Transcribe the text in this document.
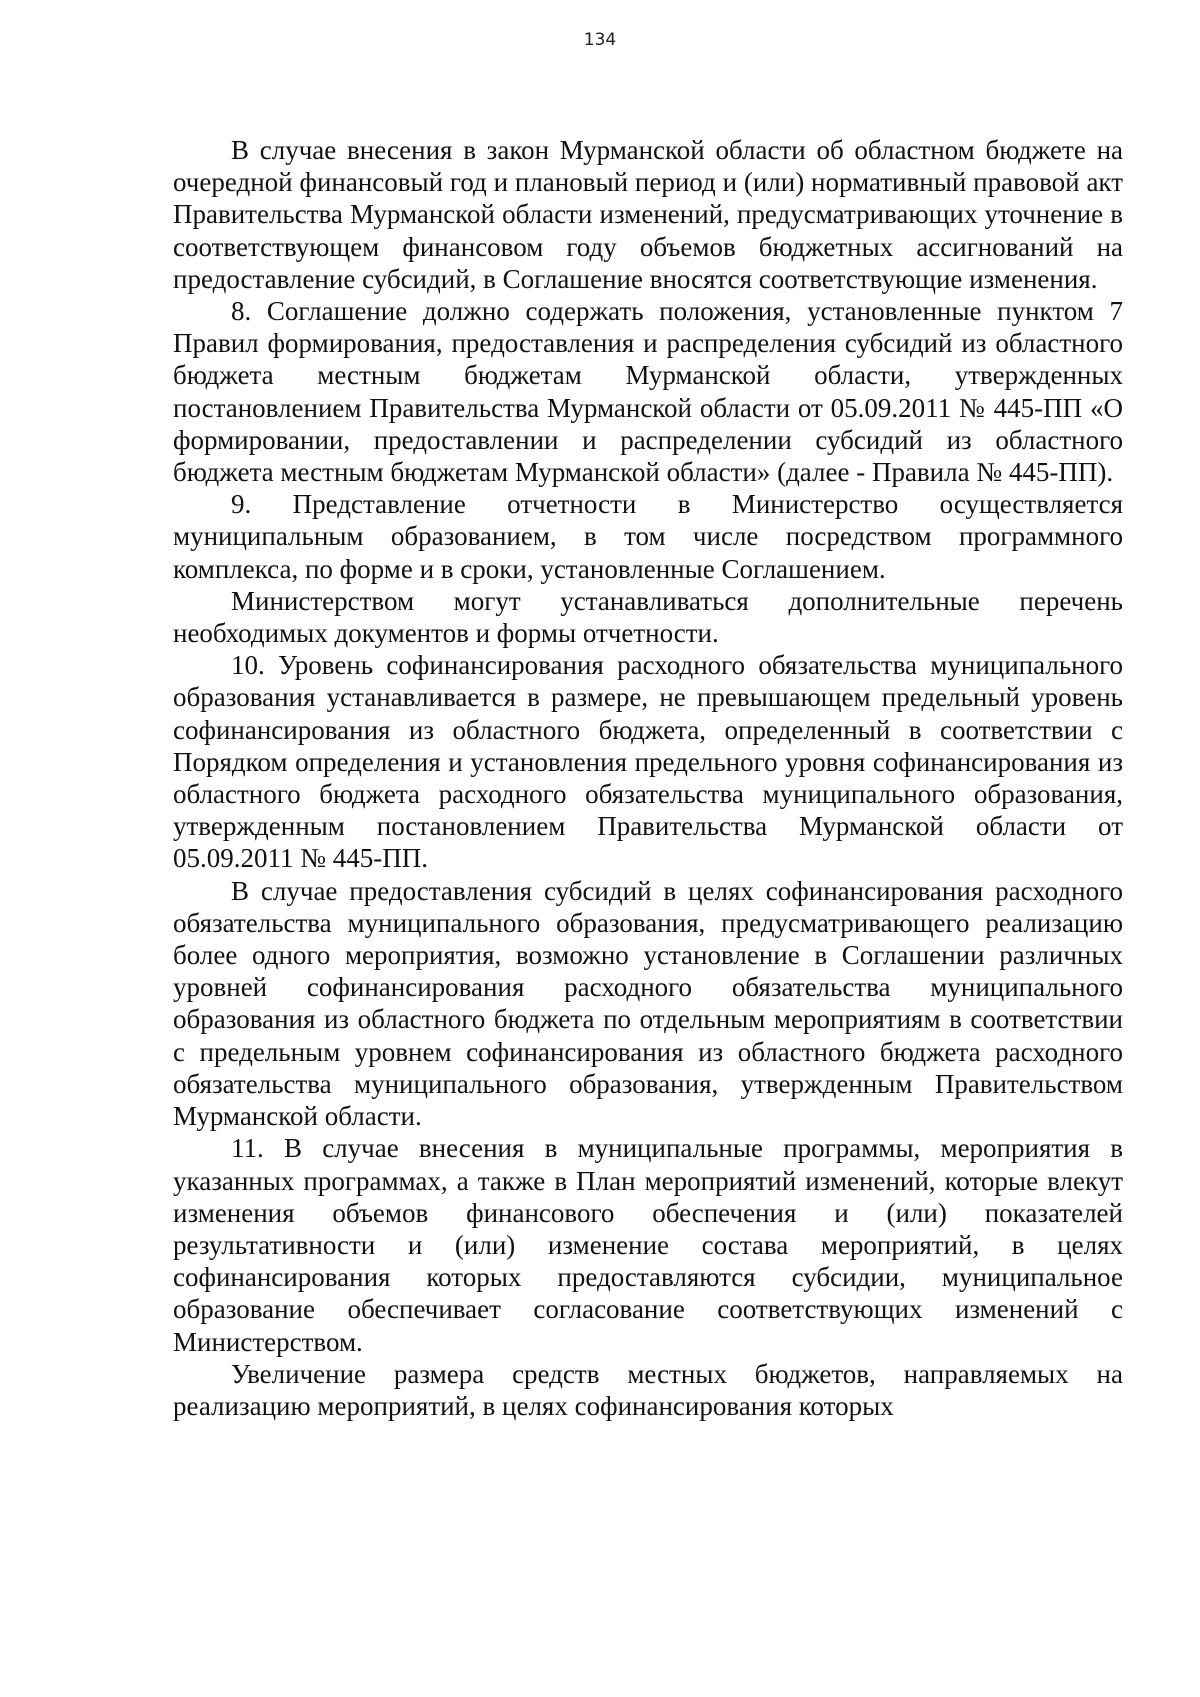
134

В случае внесения в закон Мурманской области об областном бюджете на очередной финансовый год и плановый период и (или) нормативный правовой акт Правительства Мурманской области изменений, предусматривающих уточнение в соответствующем финансовом году объемов бюджетных ассигнований на предоставление субсидий, в Соглашение вносятся соответствующие изменения.

8. Соглашение должно содержать положения, установленные пунктом 7 Правил формирования, предоставления и распределения субсидий из областного бюджета местным бюджетам Мурманской области, утвержденных постановлением Правительства Мурманской области от 05.09.2011 № 445-ПП «О формировании, предоставлении и распределении субсидий из областного бюджета местным бюджетам Мурманской области» (далее - Правила № 445-ПП).

9. Представление отчетности в Министерство осуществляется муниципальным образованием, в том числе посредством программного комплекса, по форме и в сроки, установленные Соглашением.

Министерством могут устанавливаться дополнительные перечень необходимых документов и формы отчетности.

10. Уровень софинансирования расходного обязательства муниципального образования устанавливается в размере, не превышающем предельный уровень софинансирования из областного бюджета, определенный в соответствии с Порядком определения и установления предельного уровня софинансирования из областного бюджета расходного обязательства муниципального образования, утвержденным постановлением Правительства Мурманской области от 05.09.2011 № 445-ПП.

В случае предоставления субсидий в целях софинансирования расходного обязательства муниципального образования, предусматривающего реализацию более одного мероприятия, возможно установление в Соглашении различных уровней софинансирования расходного обязательства муниципального образования из областного бюджета по отдельным мероприятиям в соответствии с предельным уровнем софинансирования из областного бюджета расходного обязательства муниципального образования, утвержденным Правительством Мурманской области.

11. В случае внесения в муниципальные программы, мероприятия в указанных программах, а также в План мероприятий изменений, которые влекут изменения объемов финансового обеспечения и (или) показателей результативности и (или) изменение состава мероприятий, в целях софинансирования которых предоставляются субсидии, муниципальное образование обеспечивает согласование соответствующих изменений с Министерством.

Увеличение размера средств местных бюджетов, направляемых на реализацию мероприятий, в целях софинансирования которых
